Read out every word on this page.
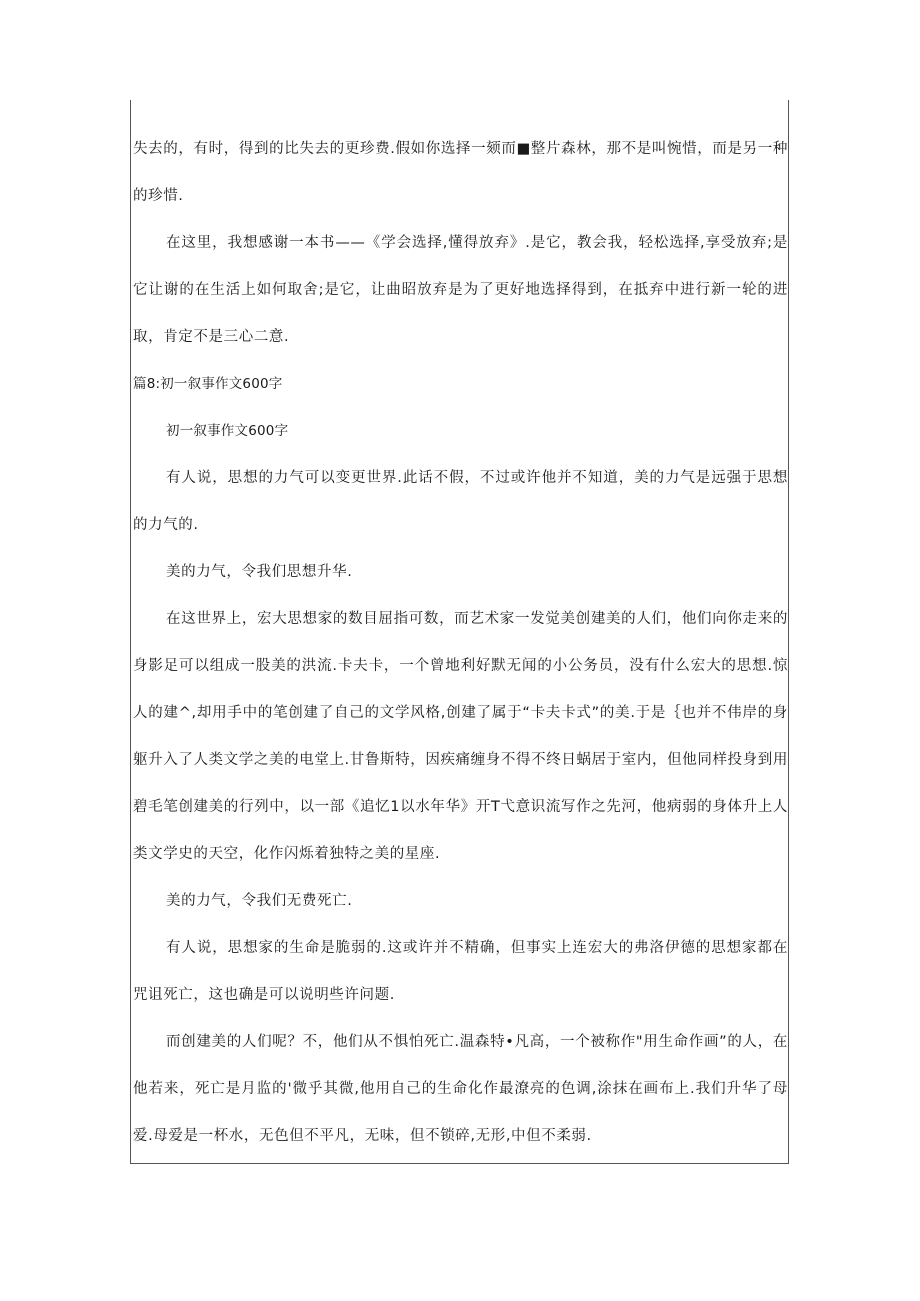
失去的，有时，得到的比失去的更珍费.假如你选择一颏而■整片森林，那不是叫惋惜，而是另一种的珍惜.

在这里，我想感谢一本书——《学会选择,懂得放弃》.是它，教会我，轻松选择,享受放弃;是它让谢的在生活上如何取舍;是它，让曲昭放弃是为了更好地选择得到，在抵弃中进行新一轮的进取，肯定不是三心二意.

篇8:初一叙事作文600字

初一叙事作文600字

有人说，思想的力气可以变更世界.此话不假，不过或许他并不知道，美的力气是远强于思想的力气的.

美的力气，令我们思想升华.

在这世界上，宏大思想家的数目屈指可数，而艺术家一发觉美创建美的人们，他们向你走来的身影足可以组成一股美的洪流.卡夫卡，一个曾地利好默无闻的小公务员，没有什么宏大的思想.惊人的建^,却用手中的笔创建了自己的文学风格,创建了属于“卡夫卡式”的美.于是｛也并不伟岸的身躯升入了人类文学之美的电堂上.甘鲁斯特，因疾痛缠身不得不终日蜗居于室内，但他同样投身到用碧毛笔创建美的行列中，以一部《追忆1以水年华》开T弋意识流写作之先河，他病弱的身体升上人类文学史的天空，化作闪烁着独特之美的星座.

美的力气，令我们无费死亡.

有人说，思想家的生命是脆弱的.这或许并不精确，但事实上连宏大的弗洛伊德的思想家都在咒诅死亡，这也确是可以说明些许问题.

而创建美的人们呢？不，他们从不惧怕死亡.温森特•凡高，一个被称作"用生命作画”的人，在他若来，死亡是月监的'微乎其微,他用自己的生命化作最潦亮的色调,涂抹在画布上.我们升华了母爱.母爱是一杯水，无色但不平凡，无味，但不锁碎,无形,中但不柔弱.
